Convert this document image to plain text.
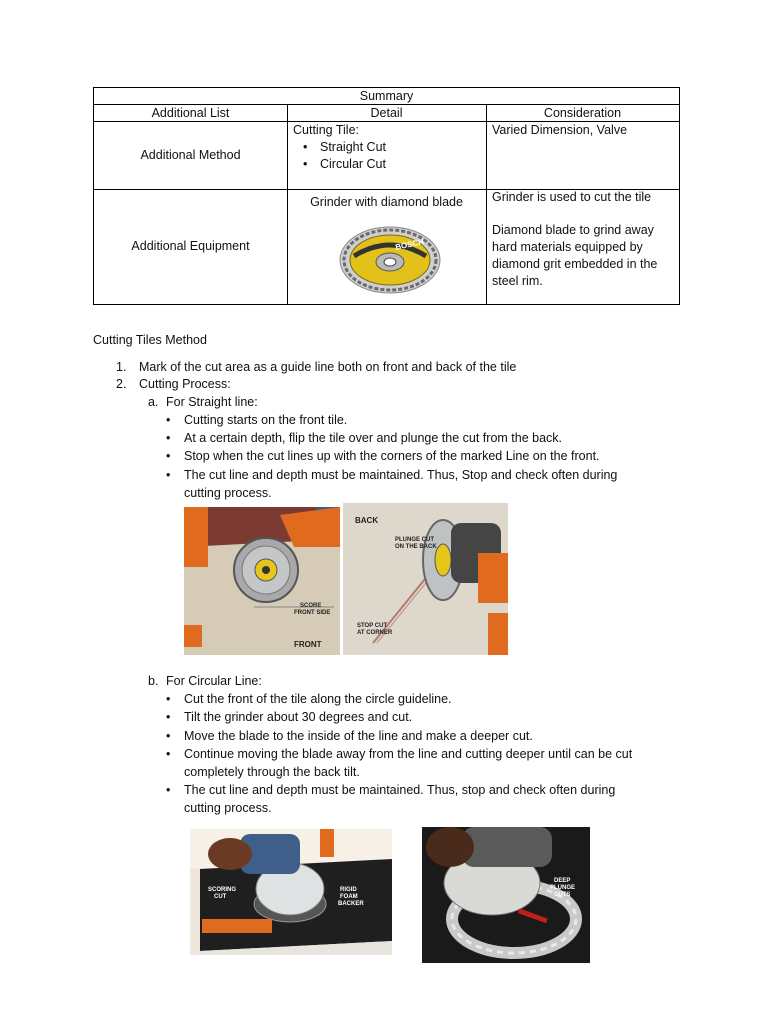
Summary
Additional List	Detail	Consideration
Additional Method
Cutting Tile:
• Straight Cut
• Circular Cut
Varied Dimension, Valve
Additional Equipment
Grinder with diamond blade
BOSCH
Grinder is used to cut the tile
Diamond blade to grind away
hard materials equipped by
diamond grit embedded in the
steel rim.
Cutting Tiles Method
1. Mark of the cut area as a guide line both on front and back of the tile
2. Cutting Process:
a. For Straight line:
• Cutting starts on the front tile.
• At a certain depth, flip the tile over and plunge the cut from the back.
• Stop when the cut lines up with the corners of the marked Line on the front.
• The cut line and depth must be maintained. Thus, Stop and check often during
cutting process.
SCORE
FRONT SIDE
FRONT
BACK
PLUNGE CUT
ON THE BACK
STOP CUT
AT CORNER
b. For Circular Line:
• Cut the front of the tile along the circle guideline.
• Tilt the grinder about 30 degrees and cut.
• Move the blade to the inside of the line and make a deeper cut.
• Continue moving the blade away from the line and cutting deeper until can be cut
completely through the back tilt.
• The cut line and depth must be maintained. Thus, stop and check often during
cutting process.
SCORING
CUT
RIGID
FOAM
BACKER
DEEP
PLUNGE
CUTS
